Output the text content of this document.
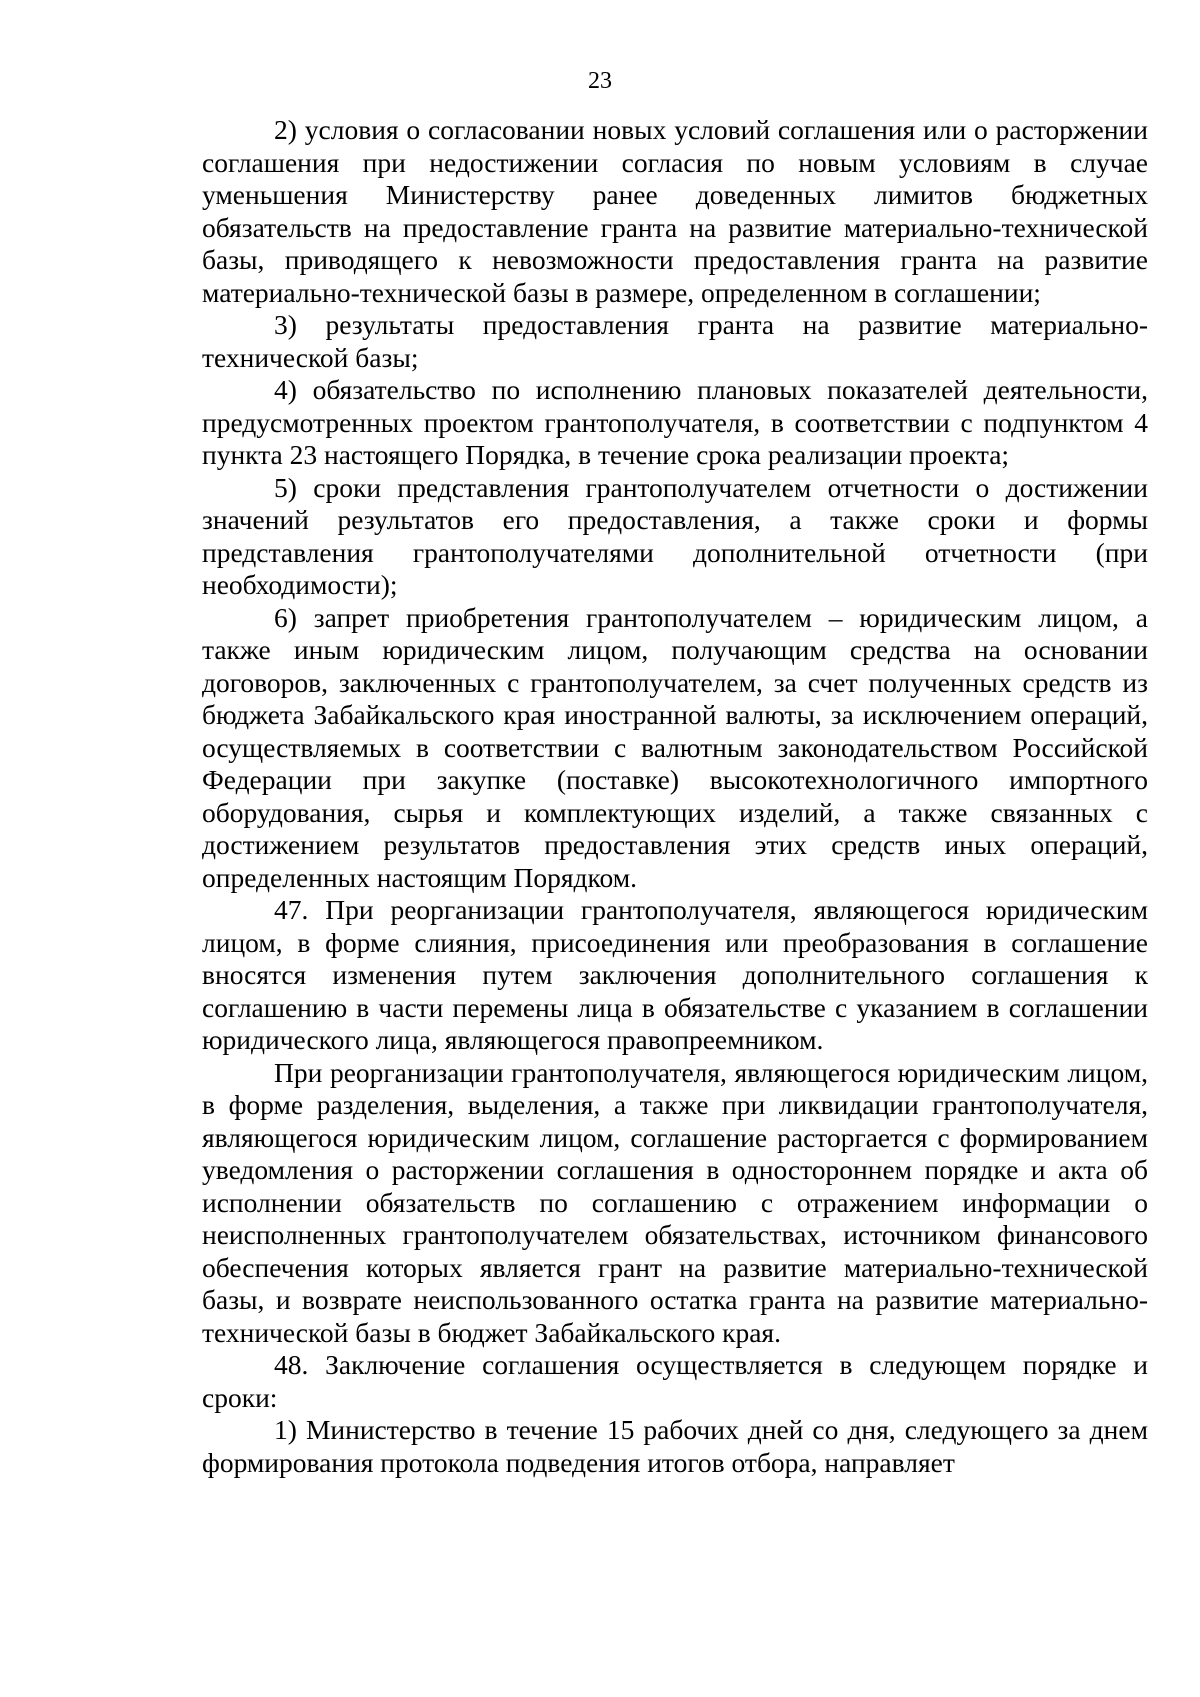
23

2) условия о согласовании новых условий соглашения или о расторжении соглашения при недостижении согласия по новым условиям в случае уменьшения Министерству ранее доведенных лимитов бюджетных обязательств на предоставление гранта на развитие материально-технической базы, приводящего к невозможности предоставления гранта на развитие материально-технической базы в размере, определенном в соглашении;

3) результаты предоставления гранта на развитие материально-технической базы;

4) обязательство по исполнению плановых показателей деятельности, предусмотренных проектом грантополучателя, в соответствии с подпунктом 4 пункта 23 настоящего Порядка, в течение срока реализации проекта;

5) сроки представления грантополучателем отчетности о достижении значений результатов его предоставления, а также сроки и формы представления грантополучателями дополнительной отчетности (при необходимости);

6) запрет приобретения грантополучателем – юридическим лицом, а также иным юридическим лицом, получающим средства на основании договоров, заключенных с грантополучателем, за счет полученных средств из бюджета Забайкальского края иностранной валюты, за исключением операций, осуществляемых в соответствии с валютным законодательством Российской Федерации при закупке (поставке) высокотехнологичного импортного оборудования, сырья и комплектующих изделий, а также связанных с достижением результатов предоставления этих средств иных операций, определенных настоящим Порядком.

47. При реорганизации грантополучателя, являющегося юридическим лицом, в форме слияния, присоединения или преобразования в соглашение вносятся изменения путем заключения дополнительного соглашения к соглашению в части перемены лица в обязательстве с указанием в соглашении юридического лица, являющегося правопреемником.

При реорганизации грантополучателя, являющегося юридическим лицом, в форме разделения, выделения, а также при ликвидации грантополучателя, являющегося юридическим лицом, соглашение расторгается с формированием уведомления о расторжении соглашения в одностороннем порядке и акта об исполнении обязательств по соглашению с отражением информации о неисполненных грантополучателем обязательствах, источником финансового обеспечения которых является грант на развитие материально-технической базы, и возврате неиспользованного остатка гранта на развитие материально-технической базы в бюджет Забайкальского края.

48. Заключение соглашения осуществляется в следующем порядке и сроки:

1) Министерство в течение 15 рабочих дней со дня, следующего за днем формирования протокола подведения итогов отбора, направляет
